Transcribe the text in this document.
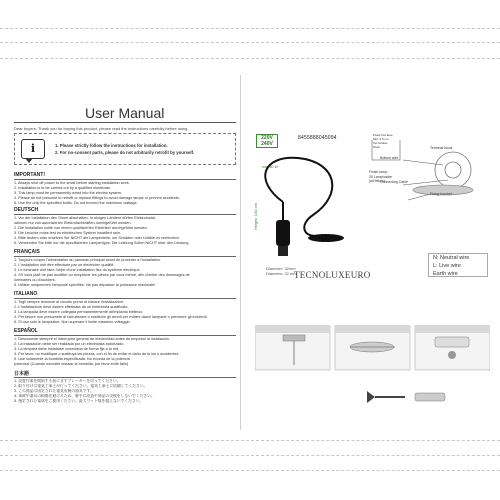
User Manual
Dear buyers: Thank you for buying this product, please read the instructions carefully before using.
i	1. Please strictly follow the instructions for installation.
2. For no-consent parts, please do not arbitrarily retrofit by yourself.
IMPORTANT!
1. Always shut off power to the small before starting installation work.
2. Installation is to be carried out by a qualified electrician.
3. This lamp must be permanently wired into the electric system.
4. Please do not presume to retrofit or replace fittings to avoid damage lamps or prevent accidents.
5. Use the only the specified bulbs. Do not exceed the maximum wattage.
DEUTSCH
1. Vor der Installation den Strom abschalten. In einigen Ländern dürfen Elektroinstal-
lationen nur von autorisierten Elektrofachkräften durchgeführt werden.
2. Die Installation sollte von einem qualifizierten Elektriker durchgeführt werden.
3. Die Leuchte muss fest im elektrischen System installiert sein.
4. Bitte ändern oder ersetzen Sie NICHT die Lampenteile, um Schäden oder Unfälle zu verhindern.
5. Verwenden Sie bitte nur die spezifizierten Lampentyps. Die Leistung Sollen NICHT über den Leistung
FRANÇAIS
1. Toujours couper l'alimentation au panneau principal avant de procéder à l'installation.
2. L'installation doit être effectuée par un électricien qualifié.
3. Le luminaire doit faire l'objet d'une installation fixe du système électrique.
4. S'il vous plaît ne pas modifier ou remplacer les pièces par vous-même, afin d'éviter des dommages de
luminaires ou d'accident.
5. Utiliser uniquement l'ampoule spécifiée. Ne pas dépasser la puissance maximale!
ITALIANO
1. Togli sempre tensione al circuito prima di iniziare l'installazione.
2. L'installazione deve essere effettuata da un elettricista qualificato.
3. La lampada deve essere collegata permanentemente all'impianto elettrico.
4. Per favore non presumete di ristrutturare o sostituire gli arredi per evitare danni lampade o prevenire gli incidenti.
5. Si usa solo le lampadine. Non superare il limite massimo voltaggio.
ESPAÑOL
1. Desconecte siempre el interruptor general de electricidad antes de empezar la instalación.
2. La instalación debe ser realizada por un electricista autorizado.
3. La lámpara debe instalarse conectada de forma fija a la red.
4. Por favor, no modifique o sustituya las piezas, con el fin de evitar el daño de la luz o accidentes
5. Use solamente la bombilla especificada. No exceda de la potencia
potencia! (Cuando necesite instalar la bombilla, por favor evite fallo)
日本語
1. 設置作業を開始する前にまずブレーカーを切ってください。
2. 取り付けは電気工事士が行ってください。電気工事士に依頼してください。
3. この商品は固定された電気系統の器具です。
4. 事故や器具の損傷を避けるため、勝手に改造や部品の交換をしないでください。
5. 指定された電球をご使用ください。最大ワット数を超えないでください。
220V
240V
8455888045094
max 60 W
Height: 100 cm
Bottom wire
Connecting Cable
Terminal block
Fixing bracket
Finish lamp:
25 Lampholder
(all below)
Fixed box lane
Mul: 2.5 cm
Terminales
block
Diameter: 32mm
Diametro: 32 mm
TECNOLUXEURO
N: Neutral wire
L: Live wire
Earth wire
